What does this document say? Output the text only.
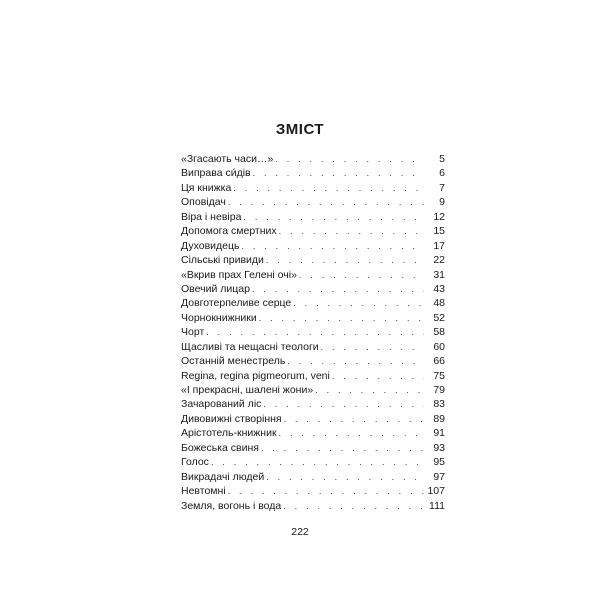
ЗМІСТ
«Згасають часи…» . . .	5
Виправа си́дів . . .	6
Ця книжка . . .	7
Оповідач . . .	9
Віра і невіра . . .	12
Допомога смертних . . .	15
Духовидець . . .	17
Сільські привиди . . .	22
«Вкрив прах Гелені очі» . . .	31
Овечий лицар . . .	43
Довготерпеливе серце . . .	48
Чорнокнижники . . .	52
Чорт . . .	58
Щасливі та нещасні теологи . . .	60
Останній менестрель . . .	66
Regina, regina pigmeorum, veni . . .	75
«І прекрасні, шалені жони» . . .	79
Зачарований ліс . . .	83
Дивовижні створіння . . .	89
Арістотель-книжник . . .	91
Божеська свиня . . .	93
Голос . . .	95
Викрадачі людей . . .	97
Невтомні . . .	107
Земля, вогонь і вода . . .	111
222
